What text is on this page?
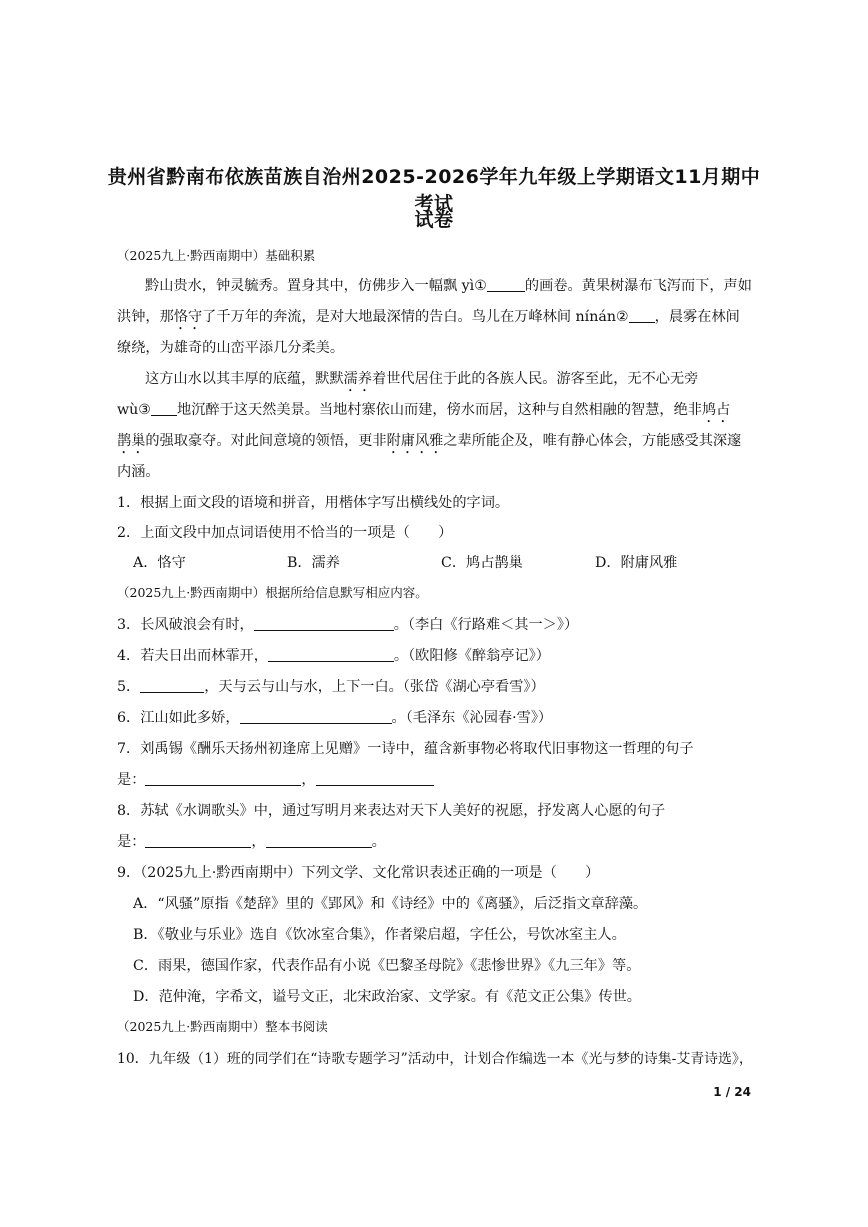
贵州省黔南布依族苗族自治州2025-2026学年九年级上学期语文11月期中考试
试卷
（2025九上·黔西南期中）基础积累
黔山贵水，钟灵毓秀。置身其中，仿佛步入一幅飘 yì①	的画卷。黄果树瀑布飞泻而下，声如
洪钟，那恪守了千万年的奔流，是对大地最深情的告白。鸟儿在万峰林间 nínán② ，晨雾在林间
缭绕，为雄奇的山峦平添几分柔美。
这方山水以其丰厚的底蕴，默默濡养着世代居住于此的各族人民。游客至此，无不心无旁
wù③ 地沉醉于这天然美景。当地村寨依山而建，傍水而居，这种与自然相融的智慧，绝非鸠占
鹊巢的强取豪夺。对此间意境的领悟，更非附庸风雅之辈所能企及，唯有静心体会，方能感受其深邃
内涵。
1．根据上面文段的语境和拼音，用楷体字写出横线处的字词。
2．上面文段中加点词语使用不恰当的一项是（　　）
A．恪守	B．濡养	C．鸠占鹊巢	D．附庸风雅
（2025九上·黔西南期中）根据所给信息默写相应内容。
3．长风破浪会有时，	。（李白《行路难＜其一＞》）
4．若夫日出而林霏开，	。（欧阳修《醉翁亭记》）
5．	，天与云与山与水，上下一白。（张岱《湖心亭看雪》）
6．江山如此多娇，	。（毛泽东《沁园春·雪》）
7．刘禹锡《酬乐天扬州初逢席上见赠》一诗中，蕴含新事物必将取代旧事物这一哲理的句子
是：	，
8．苏轼《水调歌头》中，通过写明月来表达对天下人美好的祝愿，抒发离人心愿的句子
是：	，	。
9．（2025九上·黔西南期中）下列文学、文化常识表述正确的一项是（　　）
A．“风骚”原指《楚辞》里的《郢风》和《诗经》中的《离骚》，后泛指文章辞藻。
B．《敬业与乐业》选自《饮冰室合集》，作者梁启超，字任公，号饮冰室主人。
C．雨果，德国作家，代表作品有小说《巴黎圣母院》《悲惨世界》《九三年》等。
D．范仲淹，字希文，谥号文正，北宋政治家、文学家。有《范文正公集》传世。
（2025九上·黔西南期中）整本书阅读
10．九年级（1）班的同学们在“诗歌专题学习”活动中，计划合作编选一本《光与梦的诗集-艾青诗选》，
1 / 24
